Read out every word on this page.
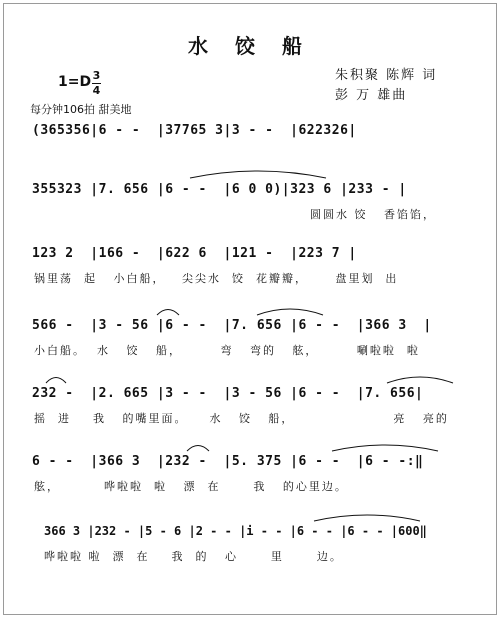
水 饺 船
朱积聚 陈辉 词
彭 万 雄曲
1=D 3
4
每分钟106拍 甜美地
(365356|6 - -  |37765 3|3 - -  |622326|
355323 |7. 656 |6 - -  |6 0 0)|323 6 |233 - |
圆圆水 饺   香馅馅，
123 2  |166 -  |622 6  |121 -  |223 7 |
锅里荡  起   小白船，   尖尖水  饺  花瓣瓣，     盘里划  出
566 -  |3 - 56 |6 - -  |7. 656 |6 - -  |366 3  |
小白船。  水   饺   船，       弯   弯的   舷，       唰啦啦  啦
232 -  |2. 665 |3 - -  |3 - 56 |6 - -  |7. 656|
摇  进    我   的嘴里面。    水   饺   船，                  亮   亮的
6 - -  |366 3  |232 -  |5. 375 |6 - -  |6 - -:‖
舷，        哗啦啦  啦   漂  在      我   的心里边。
366 3 |232 - |5 - 6 |2 - - |i - - |6 - - |6 - - |600‖
哗啦啦 啦  漂  在    我  的   心      里      边。
